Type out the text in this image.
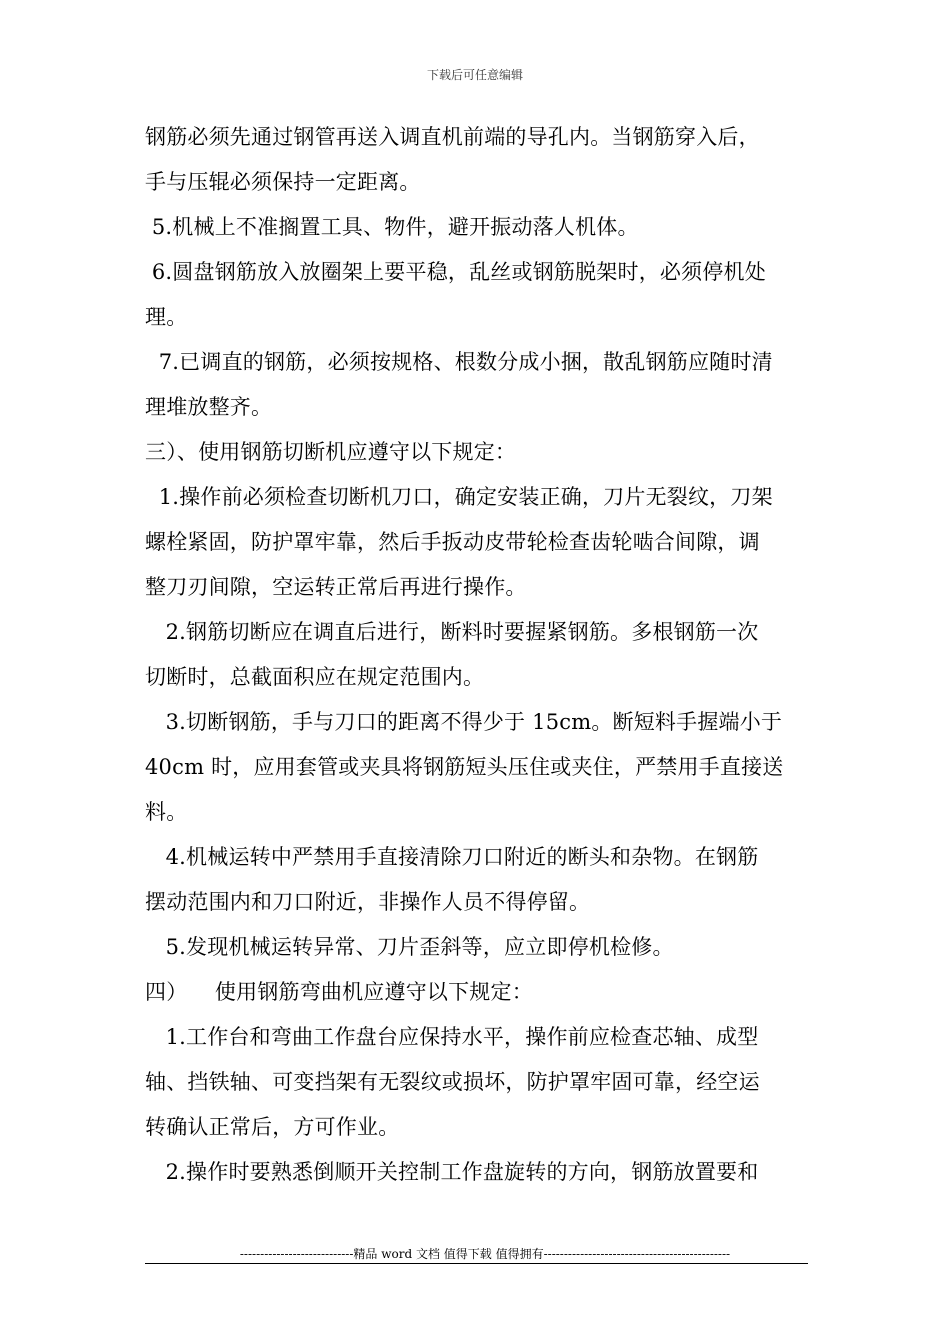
下载后可任意编辑
钢筋必须先通过钢管再送入调直机前端的导孔内。当钢筋穿入后，
手与压辊必须保持一定距离。
5.机械上不准搁置工具、物件，避开振动落人机体。
6.圆盘钢筋放入放圈架上要平稳，乱丝或钢筋脱架时，必须停机处
理。
7.已调直的钢筋，必须按规格、根数分成小捆，散乱钢筋应随时清
理堆放整齐。
三）、使用钢筋切断机应遵守以下规定：
1.操作前必须检查切断机刀口，确定安装正确，刀片无裂纹，刀架
螺栓紧固，防护罩牢靠，然后手扳动皮带轮检查齿轮啮合间隙，调
整刀刃间隙，空运转正常后再进行操作。
2.钢筋切断应在调直后进行，断料时要握紧钢筋。多根钢筋一次
切断时，总截面积应在规定范围内。
3.切断钢筋，手与刀口的距离不得少于 15cm。断短料手握端小于
40cm 时，应用套管或夹具将钢筋短头压住或夹住，严禁用手直接送
料。
4.机械运转中严禁用手直接清除刀口附近的断头和杂物。在钢筋
摆动范围内和刀口附近，非操作人员不得停留。
5.发现机械运转异常、刀片歪斜等，应立即停机检修。
四）    使用钢筋弯曲机应遵守以下规定：
1.工作台和弯曲工作盘台应保持水平，操作前应检查芯轴、成型
轴、挡铁轴、可变挡架有无裂纹或损坏，防护罩牢固可靠，经空运
转确认正常后，方可作业。
2.操作时要熟悉倒顺开关控制工作盘旋转的方向，钢筋放置要和
----------------------------精品 word 文档 值得下载 值得拥有----------------------------------------------
